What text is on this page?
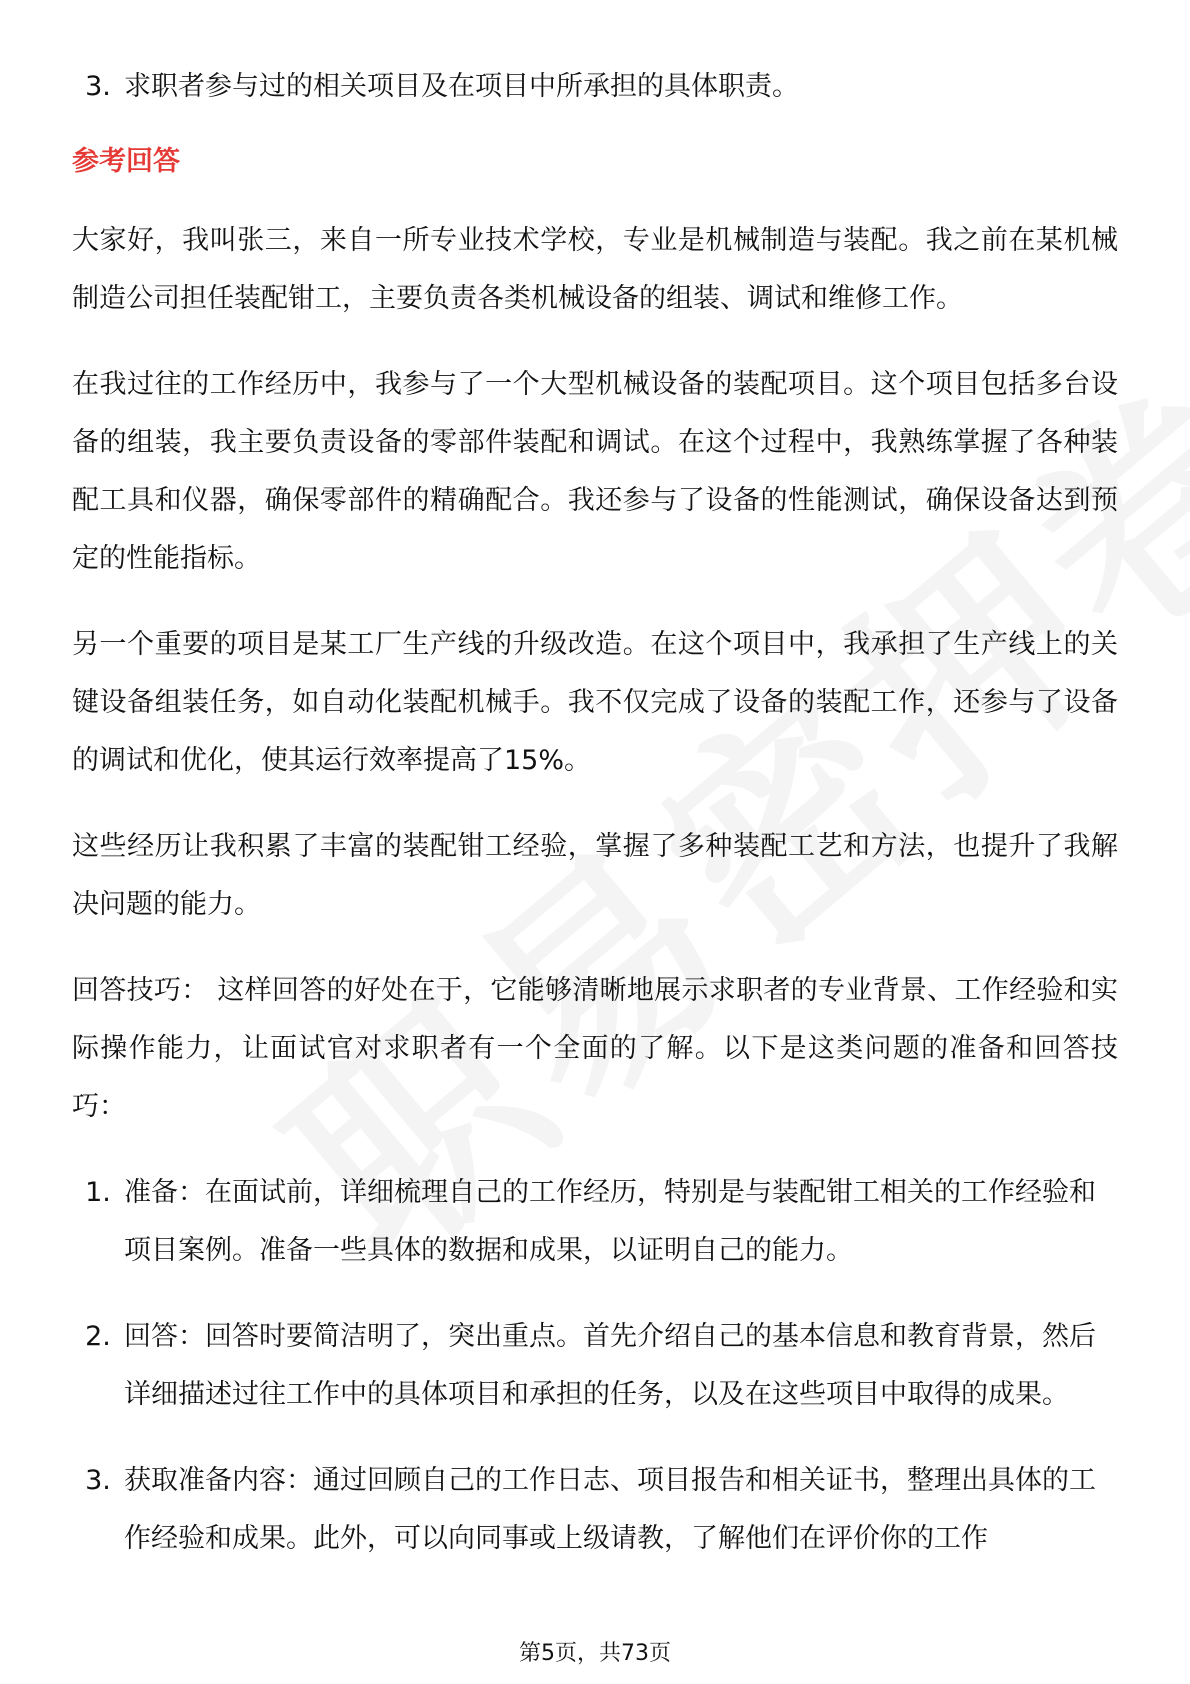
3. 求职者参与过的相关项目及在项目中所承担的具体职责。
参考回答

大家好，我叫张三，来自一所专业技术学校，专业是机械制造与装配。我之前在某机械制造公司担任装配钳工，主要负责各类机械设备的组装、调试和维修工作。

在我过往的工作经历中，我参与了一个大型机械设备的装配项目。这个项目包括多台设备的组装，我主要负责设备的零部件装配和调试。在这个过程中，我熟练掌握了各种装配工具和仪器，确保零部件的精确配合。我还参与了设备的性能测试，确保设备达到预定的性能指标。

另一个重要的项目是某工厂生产线的升级改造。在这个项目中，我承担了生产线上的关键设备组装任务，如自动化装配机械手。我不仅完成了设备的装配工作，还参与了设备的调试和优化，使其运行效率提高了15%。

这些经历让我积累了丰富的装配钳工经验，掌握了多种装配工艺和方法，也提升了我解决问题的能力。

回答技巧： 这样回答的好处在于，它能够清晰地展示求职者的专业背景、工作经验和实际操作能力，让面试官对求职者有一个全面的了解。以下是这类问题的准备和回答技巧：

1. 准备：在面试前，详细梳理自己的工作经历，特别是与装配钳工相关的工作经验和项目案例。准备一些具体的数据和成果，以证明自己的能力。
2. 回答：回答时要简洁明了，突出重点。首先介绍自己的基本信息和教育背景，然后详细描述过往工作中的具体项目和承担的任务，以及在这些项目中取得的成果。
3. 获取准备内容：通过回顾自己的工作日志、项目报告和相关证书，整理出具体的工作经验和成果。此外，可以向同事或上级请教，了解他们在评价你的工作
第5页，共73页
